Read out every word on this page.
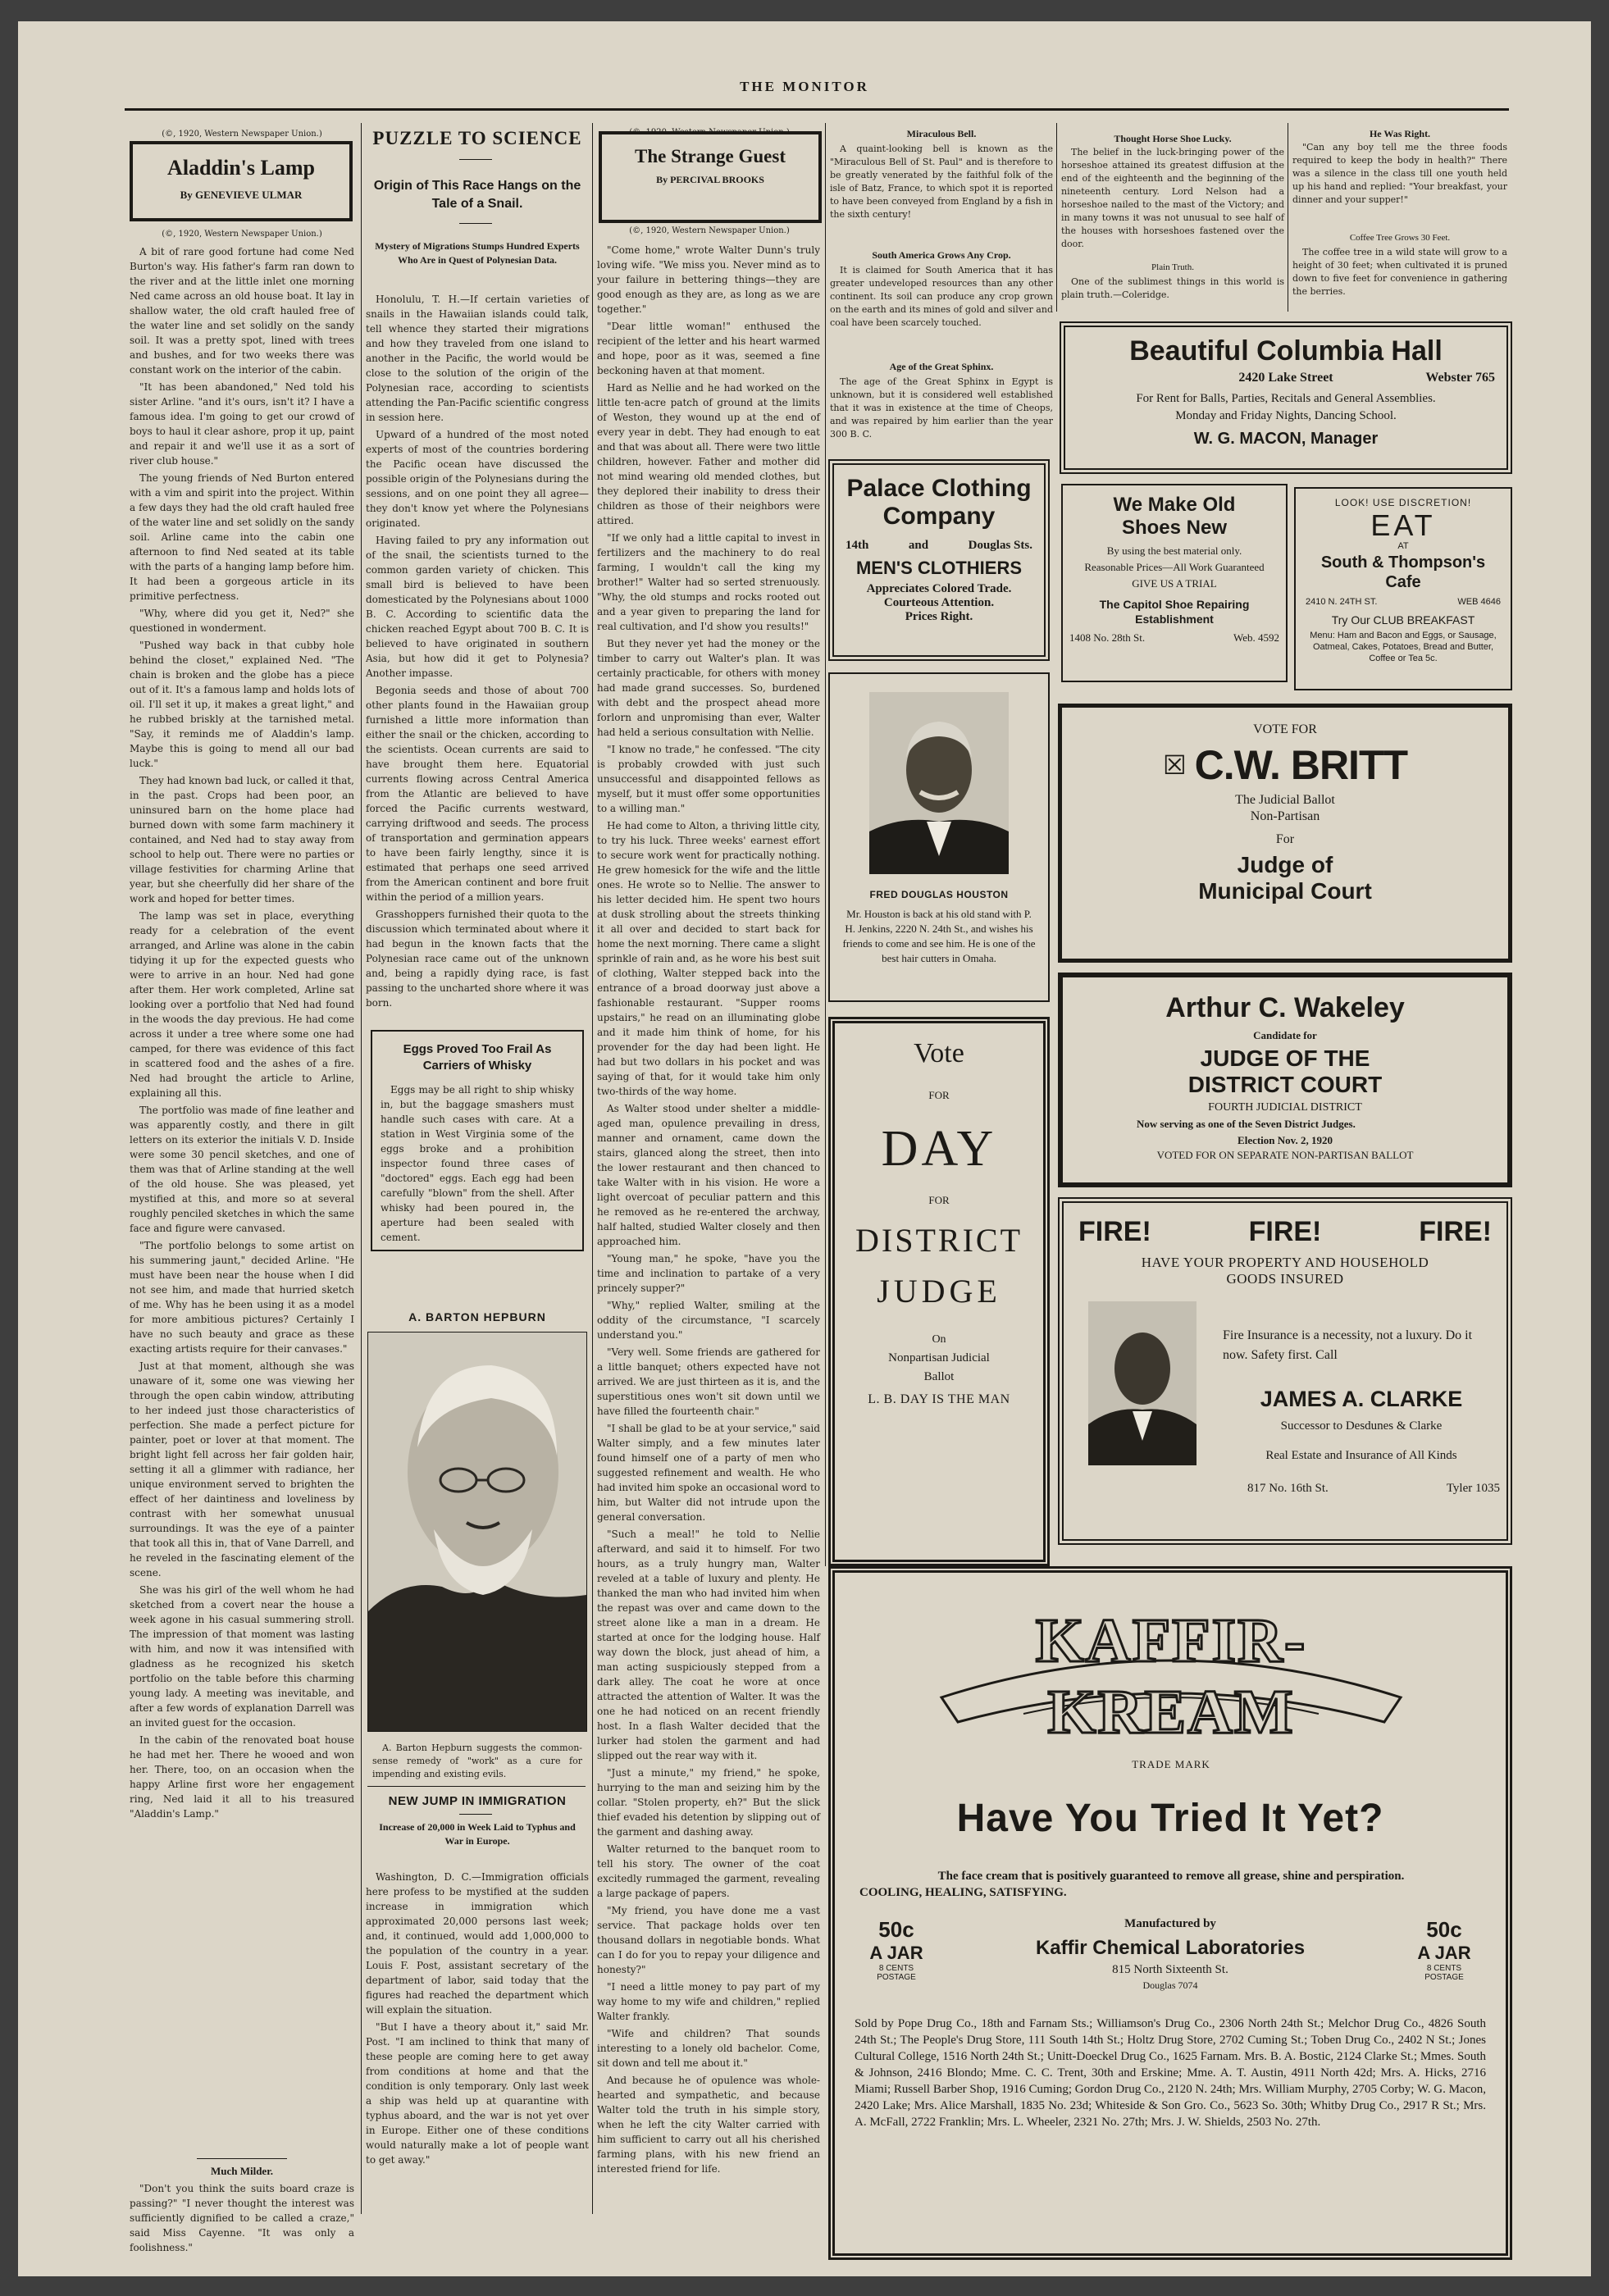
THE MONITOR
(©, 1920, Western Newspaper Union.)
Aladdin's Lamp
By GENEVIEVE ULMAR
(©, 1920, Western Newspaper Union.)

A bit of rare good fortune had come Ned Burton's way. His father's farm ran down to the river and at the little inlet one morning Ned came across an old house boat. It lay in shallow water, the old craft hauled free of the water line and set solidly on the sandy soil. It was a pretty spot, lined with trees and bushes, and for two weeks there was constant work on the interior of the cabin.

"It has been abandoned," Ned told his sister Arline. "and it's ours, isn't it? I have a famous idea. I'm going to get our crowd of boys to haul it clear ashore, prop it up, paint and repair it and we'll use it as a sort of river club house."

The young friends of Ned Burton entered with a vim and spirit into the project. Within a few days they had the old craft hauled free of the water line and set solidly on the sandy soil. Arline came into the cabin one afternoon to find Ned seated at its table with the parts of a hanging lamp before him. It had been a gorgeous article in its primitive perfectness.

"Why, where did you get it, Ned?" she questioned in wonderment.

"Pushed way back in that cubby hole behind the closet," explained Ned. "The chain is broken and the globe has a piece out of it. It's a famous lamp and holds lots of oil. I'll set it up, it makes a great light," and he rubbed briskly at the tarnished metal. "Say, it reminds me of Aladdin's lamp. Maybe this is going to mend all our bad luck."

They had known bad luck, or called it that, in the past. Crops had been poor, an uninsured barn on the home place had burned down with some farm machinery it contained, and Ned had to stay away from school to help out. There were no parties or village festivities for charming Arline that year, but she cheerfully did her share of the work and hoped for better times.

The lamp was set in place, everything ready for a celebration of the event arranged, and Arline was alone in the cabin tidying it up for the expected guests who were to arrive in an hour. Ned had gone after them. Her work completed, Arline sat looking over a portfolio that Ned had found in the woods the day previous. He had come across it under a tree where some one had camped, for there was evidence of this fact in scattered food and the ashes of a fire. Ned had brought the article to Arline, explaining all this.

The portfolio was made of fine leather and was apparently costly, and there in gilt letters on its exterior the initials V. D. Inside were some 30 pencil sketches, and one of them was that of Arline standing at the well of the old house. She was pleased, yet mystified at this, and more so at several roughly penciled sketches in which the same face and figure were canvased.

"The portfolio belongs to some artist on his summering jaunt," decided Arline. "He must have been near the house when I did not see him, and made that hurried sketch of me. Why has he been using it as a model for more ambitious pictures? Certainly I have no such beauty and grace as these exacting artists require for their canvases."

Just at that moment, although she was unaware of it, some one was viewing her through the open cabin window, attributing to her indeed just those characteristics of perfection. She made a perfect picture for painter, poet or lover at that moment. The bright light fell across her fair golden hair, setting it all a glimmer with radiance, her unique environment served to brighten the effect of her daintiness and loveliness by contrast with her somewhat unusual surroundings. It was the eye of a painter that took all this in, that of Vane Darrell, and he reveled in the fascinating element of the scene.

She was his girl of the well whom he had sketched from a covert near the house a week agone in his casual summering stroll. The impression of that moment was lasting with him, and now it was intensified with gladness as he recognized his sketch portfolio on the table before this charming young lady. A meeting was inevitable, and after a few words of explanation Darrell was an invited guest for the occasion.

In the cabin of the renovated boat house he had met her. There he wooed and won her. There, too, on an occasion when the happy Arline first wore her engagement ring, Ned laid it all to his treasured "Aladdin's Lamp."

Much Milder.

"Don't you think the suits board craze is passing?" "I never thought the interest was sufficiently dignified to be called a craze," said Miss Cayenne. "It was only a foolishness."

PUZZLE TO SCIENCE
Origin of This Race Hangs on the Tale of a Snail.
Mystery of Migrations Stumps Hundred Experts Who Are in Quest of Polynesian Data.

Honolulu, T. H.—If certain varieties of snails in the Hawaiian islands could talk, tell whence they started their migrations and how they traveled from one island to another in the Pacific, the world would be close to the solution of the origin of the Polynesian race, according to scientists attending the Pan-Pacific scientific congress in session here.

Upward of a hundred of the most noted experts of most of the countries bordering the Pacific ocean have discussed the possible origin of the Polynesians during the sessions, and on one point they all agree—they don't know yet where the Polynesians originated.

Having failed to pry any information out of the snail, the scientists turned to the common garden variety of chicken. This small bird is believed to have been domesticated by the Polynesians about 1000 B. C. According to scientific data the chicken reached Egypt about 700 B. C. It is believed to have originated in southern Asia, but how did it get to Polynesia? Another impasse.

Begonia seeds and those of about 700 other plants found in the Hawaiian group furnished a little more information than either the snail or the chicken, according to the scientists. Ocean currents are said to have brought them here. Equatorial currents flowing across Central America from the Atlantic are believed to have forced the Pacific currents westward, carrying driftwood and seeds. The process of transportation and germination appears to have been fairly lengthy, since it is estimated that perhaps one seed arrived from the American continent and bore fruit within the period of a million years.

Grasshoppers furnished their quota to the discussion which terminated about where it had begun in the known facts that the Polynesian race came out of the unknown and, being a rapidly dying race, is fast passing to the uncharted shore where it was born.

Eggs Proved Too Frail As Carriers of Whisky

Eggs may be all right to ship whisky in, but the baggage smashers must handle such cases with care. At a station in West Virginia some of the eggs broke and a prohibition inspector found three cases of "doctored" eggs. Each egg had been carefully "blown" from the shell. After whisky had been poured in, the aperture had been sealed with cement.

A. BARTON HEPBURN

A. Barton Hepburn suggests the common-sense remedy of "work" as a cure for impending and existing evils.

NEW JUMP IN IMMIGRATION
Increase of 20,000 in Week Laid to Typhus and War in Europe.

Washington, D. C.—Immigration officials here profess to be mystified at the sudden increase in immigration which approximated 20,000 persons last week; and, it continued, would add 1,000,000 to the population of the country in a year. Louis F. Post, assistant secretary of the department of labor, said today that the figures had reached the department which will explain the situation.

"But I have a theory about it," said Mr. Post. "I am inclined to think that many of these people are coming here to get away from conditions at home and that the condition is only temporary. Only last week a ship was held up at quarantine with typhus aboard, and the war is not yet over in Europe. Either one of these conditions would naturally make a lot of people want to get away."

The Strange Guest
By PERCIVAL BROOKS
(©, 1920, Western Newspaper Union.)

"Come home," wrote Walter Dunn's truly loving wife. "We miss you. Never mind as to your failure in bettering things—they are good enough as they are, as long as we are together."

"Dear little woman!" enthused the recipient of the letter and his heart warmed and hope, poor as it was, seemed a fine beckoning haven at that moment.

Hard as Nellie and he had worked on the little ten-acre patch of ground at the limits of Weston, they wound up at the end of every year in debt. They had enough to eat and that was about all. There were two little children, however. Father and mother did not mind wearing old mended clothes, but they deplored their inability to dress their children as those of their neighbors were attired.

"If we only had a little capital to invest in fertilizers and the machinery to do real farming, I wouldn't call the king my brother!" Walter had so serted strenuously. "Why, the old stumps and rocks rooted out and a year given to preparing the land for real cultivation, and I'd show you results!"

But they never yet had the money or the timber to carry out Walter's plan. It was certainly practicable, for others with money had made grand successes. So, burdened with debt and the prospect ahead more forlorn and unpromising than ever, Walter had held a serious consultation with Nellie.

"I know no trade," he confessed. "The city is probably crowded with just such unsuccessful and disappointed fellows as myself, but it must offer some opportunities to a willing man."

He had come to Alton, a thriving little city, to try his luck. Three weeks' earnest effort to secure work went for practically nothing. He grew homesick for the wife and the little ones. He wrote so to Nellie. The answer to his letter decided him. He spent two hours at dusk strolling about the streets thinking it all over and decided to start back for home the next morning. There came a slight sprinkle of rain and, as he wore his best suit of clothing, Walter stepped back into the entrance of a broad doorway just above a fashionable restaurant. "Supper rooms upstairs," he read on an illuminating globe and it made him think of home, for his provender for the day had been light. He had but two dollars in his pocket and was saying of that, for it would take him only two-thirds of the way home.

As Walter stood under shelter a middle-aged man, opulence prevailing in dress, manner and ornament, came down the stairs, glanced along the street, then into the lower restaurant and then chanced to take Walter with in his vision. He wore a light overcoat of peculiar pattern and this he removed as he re-entered the archway, half halted, studied Walter closely and then approached him.

"Young man," he spoke, "have you the time and inclination to partake of a very princely supper?"

"Why," replied Walter, smiling at the oddity of the circumstance, "I scarcely understand you."

"Very well. Some friends are gathered for a little banquet; others expected have not arrived. We are just thirteen as it is, and the superstitious ones won't sit down until we have filled the fourteenth chair."

"I shall be glad to be at your service," said Walter simply, and a few minutes later found himself one of a party of men who suggested refinement and wealth. He who had invited him spoke an occasional word to him, but Walter did not intrude upon the general conversation.

"Such a meal!" he told to Nellie afterward, and said it to himself. For two hours, as a truly hungry man, Walter reveled at a table of luxury and plenty. He thanked the man who had invited him when the repast was over and came down to the street alone like a man in a dream. He started at once for the lodging house. Half way down the block, just ahead of him, a man acting suspiciously stepped from a dark alley. The coat he wore at once attracted the attention of Walter. It was the one he had noticed on an recent friendly host. In a flash Walter decided that the lurker had stolen the garment and had slipped out the rear way with it.

"Just a minute," my friend," he spoke, hurrying to the man and seizing him by the collar. "Stolen property, eh?" But the slick thief evaded his detention by slipping out of the garment and dashing away.

Walter returned to the banquet room to tell his story. The owner of the coat excitedly rummaged the garment, revealing a large package of papers.

"My friend, you have done me a vast service. That package holds over ten thousand dollars in negotiable bonds. What can I do for you to repay your diligence and honesty?"

"I need a little money to pay part of my way home to my wife and children," replied Walter frankly.

"Wife and children? That sounds interesting to a lonely old bachelor. Come, sit down and tell me about it."

And because he of opulence was whole-hearted and sympathetic, and because Walter told the truth in his simple story, when he left the city Walter carried with him sufficient to carry out all his cherished farming plans, with his new friend an interested friend for life.

Miraculous Bell.

A quaint-looking bell is known as the "Miraculous Bell of St. Paul" and is therefore to be greatly venerated by the faithful folk of the isle of Batz, France, to which spot it is reported to have been conveyed from England by a fish in the sixth century!

South America Grows Any Crop.

It is claimed for South America that it has greater undeveloped resources than any other continent. Its soil can produce any crop grown on the earth and its mines of gold and silver and coal have been scarcely touched.

Age of the Great Sphinx.

The age of the Great Sphinx in Egypt is unknown, but it is considered well established that it was in existence at the time of Cheops, and was repaired by him earlier than the year 300 B. C.

Thought Horse Shoe Lucky.

The belief in the luck-bringing power of the horseshoe attained its greatest diffusion at the end of the eighteenth and the beginning of the nineteenth century. Lord Nelson had a horseshoe nailed to the mast of the Victory; and in many towns it was not unusual to see half of the houses with horseshoes fastened over the door.

Plain Truth.

One of the sublimest things in this world is plain truth.—Coleridge.

He Was Right.

"Can any boy tell me the three foods required to keep the body in health?" There was a silence in the class till one youth held up his hand and replied: "Your breakfast, your dinner and your supper!"

Coffee Tree Grows 30 Feet.

The coffee tree in a wild state will grow to a height of 30 feet; when cultivated it is pruned down to five feet for convenience in gathering the berries.

Beautiful Columbia Hall
2420 Lake Street	Webster 765
For Rent for Balls, Parties, Recitals and General Assemblies.
Monday and Friday Nights, Dancing School.
W. G. MACON, Manager
Palace Clothing
Company
14th	and	Douglas Sts.
MEN'S CLOTHIERS
Appreciates Colored Trade.
Courteous Attention.
Prices Right.
We Make Old
Shoes New
By using the best material only.
Reasonable Prices—All Work Guaranteed
GIVE US A TRIAL
The Capitol Shoe Repairing Establishment
1408 No. 28th St.	Web. 4592
LOOK! USE DISCRETION!
EAT
AT
South & Thompson's Cafe
2410 N. 24TH ST.	WEB 4646
Try Our CLUB BREAKFAST
Menu: Ham and Bacon and Eggs, or Sausage, Oatmeal, Cakes, Potatoes, Bread and Butter, Coffee or Tea 5c.
FRED DOUGLAS HOUSTON
Mr. Houston is back at his old stand with P. H. Jenkins, 2220 N. 24th St., and wishes his friends to come and see him. He is one of the best hair cutters in Omaha.
VOTE FOR
☒ C.W. BRITT
The Judicial Ballot
Non-Partisan
For
Judge of
Municipal Court
Vote
FOR
DAY
FOR
DISTRICT
JUDGE
On
Nonpartisan Judicial
Ballot
L. B. DAY IS THE MAN
Arthur C. Wakeley
Candidate for
JUDGE OF THE
DISTRICT COURT
FOURTH JUDICIAL DISTRICT
Now serving as one of the Seven District Judges.
Election Nov. 2, 1920
VOTED FOR ON SEPARATE NON-PARTISAN BALLOT
FIRE!	FIRE!	FIRE!
HAVE YOUR PROPERTY AND HOUSEHOLD
GOODS INSURED
Fire Insurance is a necessity, not a luxury. Do it now. Safety first. Call
JAMES A. CLARKE
Successor to Desdunes & Clarke
Real Estate and Insurance of All Kinds
817 No. 16th St.	Tyler 1035
KAFFIR-KREAM
TRADE MARK
Have You Tried It Yet?
The face cream that is positively guaranteed to remove all grease, shine and perspiration.
COOLING, HEALING, SATISFYING.
50c
A JAR
8 CENTS
POSTAGE
50c
A JAR
8 CENTS
POSTAGE
Manufactured by
Kaffir Chemical Laboratories
815 North Sixteenth St.
Douglas 7074
Sold by Pope Drug Co., 18th and Farnam Sts.; Williamson's Drug Co., 2306 North 24th St.; Melchor Drug Co., 4826 South 24th St.; The People's Drug Store, 111 South 14th St.; Holtz Drug Store, 2702 Cuming St.; Toben Drug Co., 2402 N St.; Jones Cultural College, 1516 North 24th St.; Unitt-Doeckel Drug Co., 1625 Farnam. Mrs. B. A. Bostic, 2124 Clarke St.; Mmes. South & Johnson, 2416 Blondo; Mme. C. C. Trent, 30th and Erskine; Mme. A. T. Austin, 4911 North 42d; Mrs. A. Hicks, 2716 Miami; Russell Barber Shop, 1916 Cuming; Gordon Drug Co., 2120 N. 24th; Mrs. William Murphy, 2705 Corby; W. G. Macon, 2420 Lake; Mrs. Alice Marshall, 1835 No. 23d; Whiteside & Son Gro. Co., 5623 So. 30th; Whitby Drug Co., 2917 R St.; Mrs. A. McFall, 2722 Franklin; Mrs. L. Wheeler, 2321 No. 27th; Mrs. J. W. Shields, 2503 No. 27th.
